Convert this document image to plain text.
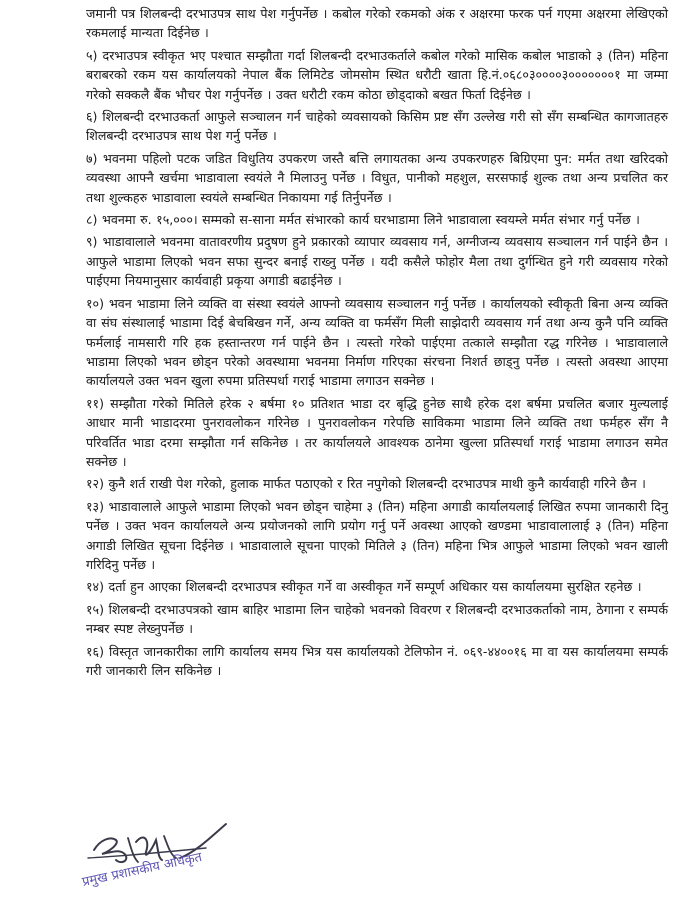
जमानी पत्र शिलबन्दी दरभाउपत्र साथ पेश गर्नुपर्नेछ । कबोल गरेको रकमको अंक र अक्षरमा फरक पर्न गएमा अक्षरमा लेखिएको रकमलाई मान्यता दिईनेछ ।

५) दरभाउपत्र स्वीकृत भए पश्चात सम्झौता गर्दा शिलबन्दी दरभाउकर्ताले कबोल गरेको मासिक कबोल भाडाको ३ (तिन) महिना बराबरको रकम यस कार्यालयको नेपाल बैंक लिमिटेड जोमसोम स्थित धरौटी खाता हि.नं.०६८०३००००३०००००००१ मा जम्मा गरेको सक्कलै बैंक भौचर पेश गर्नुपर्नेछ । उक्त धरौटी रकम कोठा छोड्दाको बखत फिर्ता दिईनेछ ।

६) शिलबन्दी दरभाउकर्ता आफुले सञ्चालन गर्न चाहेको व्यवसायको किसिम प्रष्ट सँग उल्लेख गरी सो सँग सम्बन्धित कागजातहरु शिलबन्दी दरभाउपत्र साथ पेश गर्नु पर्नेछ ।

७) भवनमा पहिलो पटक जडित विधुतिय उपकरण जस्तै बत्ति लगायतका अन्य उपकरणहरु बिग्रिएमा पुन: मर्मत तथा खरिदको व्यवस्था आफ्नै खर्चमा भाडावाला स्वयंले नै मिलाउनु पर्नेछ । विधुत, पानीको महशुल, सरसफाई शुल्क तथा अन्य प्रचलित कर तथा शुल्कहरु भाडावाला स्वयंले सम्बन्धित निकायमा गई तिर्नुपर्नेछ ।

८) भवनमा रु. १५,०००। सम्मको स-साना मर्मत संभारको कार्य घरभाडामा लिने भाडावाला स्वयम्ले मर्मत संभार गर्नु पर्नेछ ।

९) भाडावालाले भवनमा वातावरणीय प्रदुषण हुने प्रकारको व्यापार व्यवसाय गर्न, अग्नीजन्य व्यवसाय सञ्चालन गर्न पाईने छैन । आफुले भाडामा लिएको भवन सफा सुन्दर बनाई राख्नु पर्नेछ । यदी कसैले फोहोर मैला तथा दुर्गन्धित हुने गरी व्यवसाय गरेको पाईएमा नियमानुसार कार्यवाही प्रकृया अगाडी बढाईनेछ ।

१०) भवन भाडामा लिने व्यक्ति वा संस्था स्वयंले आफ्नो व्यवसाय सञ्चालन गर्नु पर्नेछ । कार्यालयको स्वीकृती बिना अन्य व्यक्ति वा संघ संस्थालाई भाडामा दिई बेचबिखन गर्ने, अन्य व्यक्ति वा फर्मसँग मिली साझेदारी व्यवसाय गर्न तथा अन्य कुनै पनि व्यक्ति फर्मलाई नामसारी गरि हक हस्तान्तरण गर्न पाईने छैन । त्यस्तो गरेको पाईएमा तत्काले सम्झौता रद्ध गरिनेछ । भाडावालाले भाडामा लिएको भवन छोड्न परेको अवस्थामा भवनमा निर्माण गरिएका संरचना निशर्त छाड्नु पर्नेछ । त्यस्तो अवस्था आएमा कार्यालयले उक्त भवन खुला रुपमा प्रतिस्पर्धा गराई भाडामा लगाउन सक्नेछ ।

११) सम्झौता गरेको मितिले हरेक २ बर्षमा १० प्रतिशत भाडा दर बृद्धि हुनेछ साथै हरेक दश बर्षमा प्रचलित बजार मुल्यलाई आधार मानी भाडादरमा पुनरावलोकन गरिनेछ । पुनरावलोकन गरेपछि साविकमा भाडामा लिने व्यक्ति तथा फर्महरु सँग नै परिवर्तित भाडा दरमा सम्झौता गर्न सकिनेछ । तर कार्यालयले आवश्यक ठानेमा खुल्ला प्रतिस्पर्धा गराई भाडामा लगाउन समेत सक्नेछ ।

१२) कुनै शर्त राखी पेश गरेको, हुलाक मार्फत पठाएको र रित नपुगेको शिलबन्दी दरभाउपत्र माथी कुनै कार्यवाही गरिने छैन ।

१३) भाडावालाले आफुले भाडामा लिएको भवन छोड्न चाहेमा ३ (तिन) महिना अगाडी कार्यालयलाई लिखित रुपमा जानकारी दिनु पर्नेछ । उक्त भवन कार्यालयले अन्य प्रयोजनको लागि प्रयोग गर्नु पर्ने अवस्था आएको खण्डमा भाडावालालाई ३ (तिन) महिना अगाडी लिखित सूचना दिईनेछ । भाडावालाले सूचना पाएको मितिले ३ (तिन) महिना भित्र आफुले भाडामा लिएको भवन खाली गरिदिनु पर्नेछ ।

१४) दर्ता हुन आएका शिलबन्दी दरभाउपत्र स्वीकृत गर्ने वा अस्वीकृत गर्ने सम्पूर्ण अधिकार यस कार्यालयमा सुरक्षित रहनेछ ।

१५) शिलबन्दी दरभाउपत्रको खाम बाहिर भाडामा लिन चाहेको भवनको विवरण र शिलबन्दी दरभाउकर्ताको नाम, ठेगाना र सम्पर्क नम्बर स्पष्ट लेख्नुपर्नेछ ।

१६) विस्तृत जानकारीका लागि कार्यालय समय भित्र यस कार्यालयको टेलिफोन नं. ०६९-४४००१६ मा वा यस कार्यालयमा सम्पर्क गरी जानकारी लिन सकिनेछ ।

प्रमुख प्रशासकीय अधिकृत
